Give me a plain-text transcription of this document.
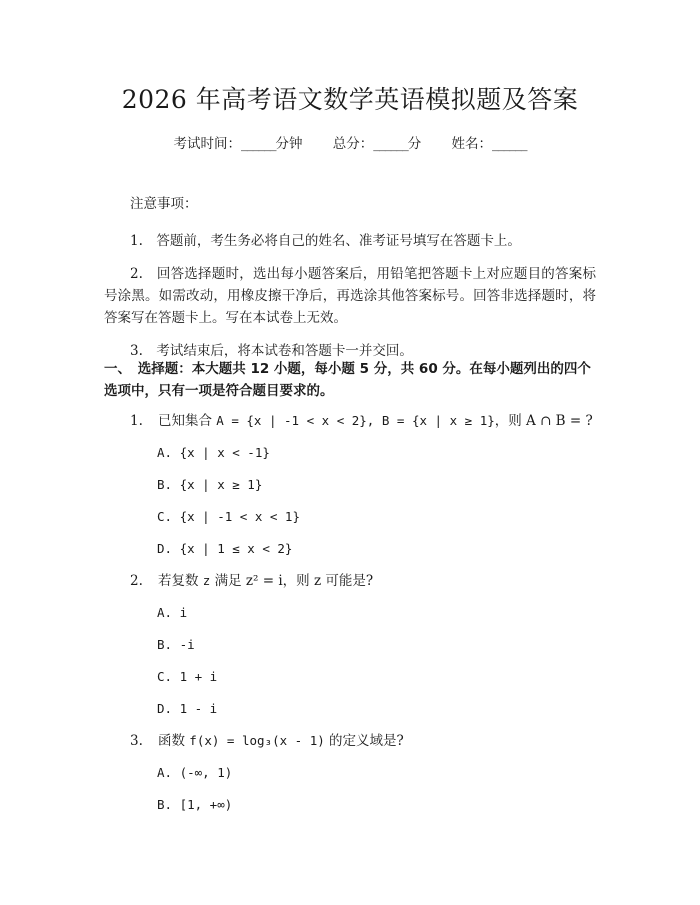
2026 年高考语文数学英语模拟题及答案
考试时间：______分钟 总分：______分 姓名：______
注意事项：
1.　答题前，考生务必将自己的姓名、准考证号填写在答题卡上。
2.　回答选择题时，选出每小题答案后，用铅笔把答题卡上对应题目的答案标号涂黑。如需改动，用橡皮擦干净后，再选涂其他答案标号。回答非选择题时，将答案写在答题卡上。写在本试卷上无效。
3.　考试结束后，将本试卷和答题卡一并交回。
一、　选择题：本大题共 12 小题，每小题 5 分，共 60 分。在每小题列出的四个选项中，只有一项是符合题目要求的。
1. 已知集合 A = {x | -1 < x < 2}, B = {x | x ≥ 1}，则 A ∩ B = ?
A. {x | x < -1}
B. {x | x ≥ 1}
C. {x | -1 < x < 1}
D. {x | 1 ≤ x < 2}
2. 若复数 z 满足 z² = i，则 z 可能是?
A. i
B. -i
C. 1 + i
D. 1 - i
3. 函数 f(x) = log₃(x - 1) 的定义域是?
A. (-∞, 1)
B. [1, +∞)
